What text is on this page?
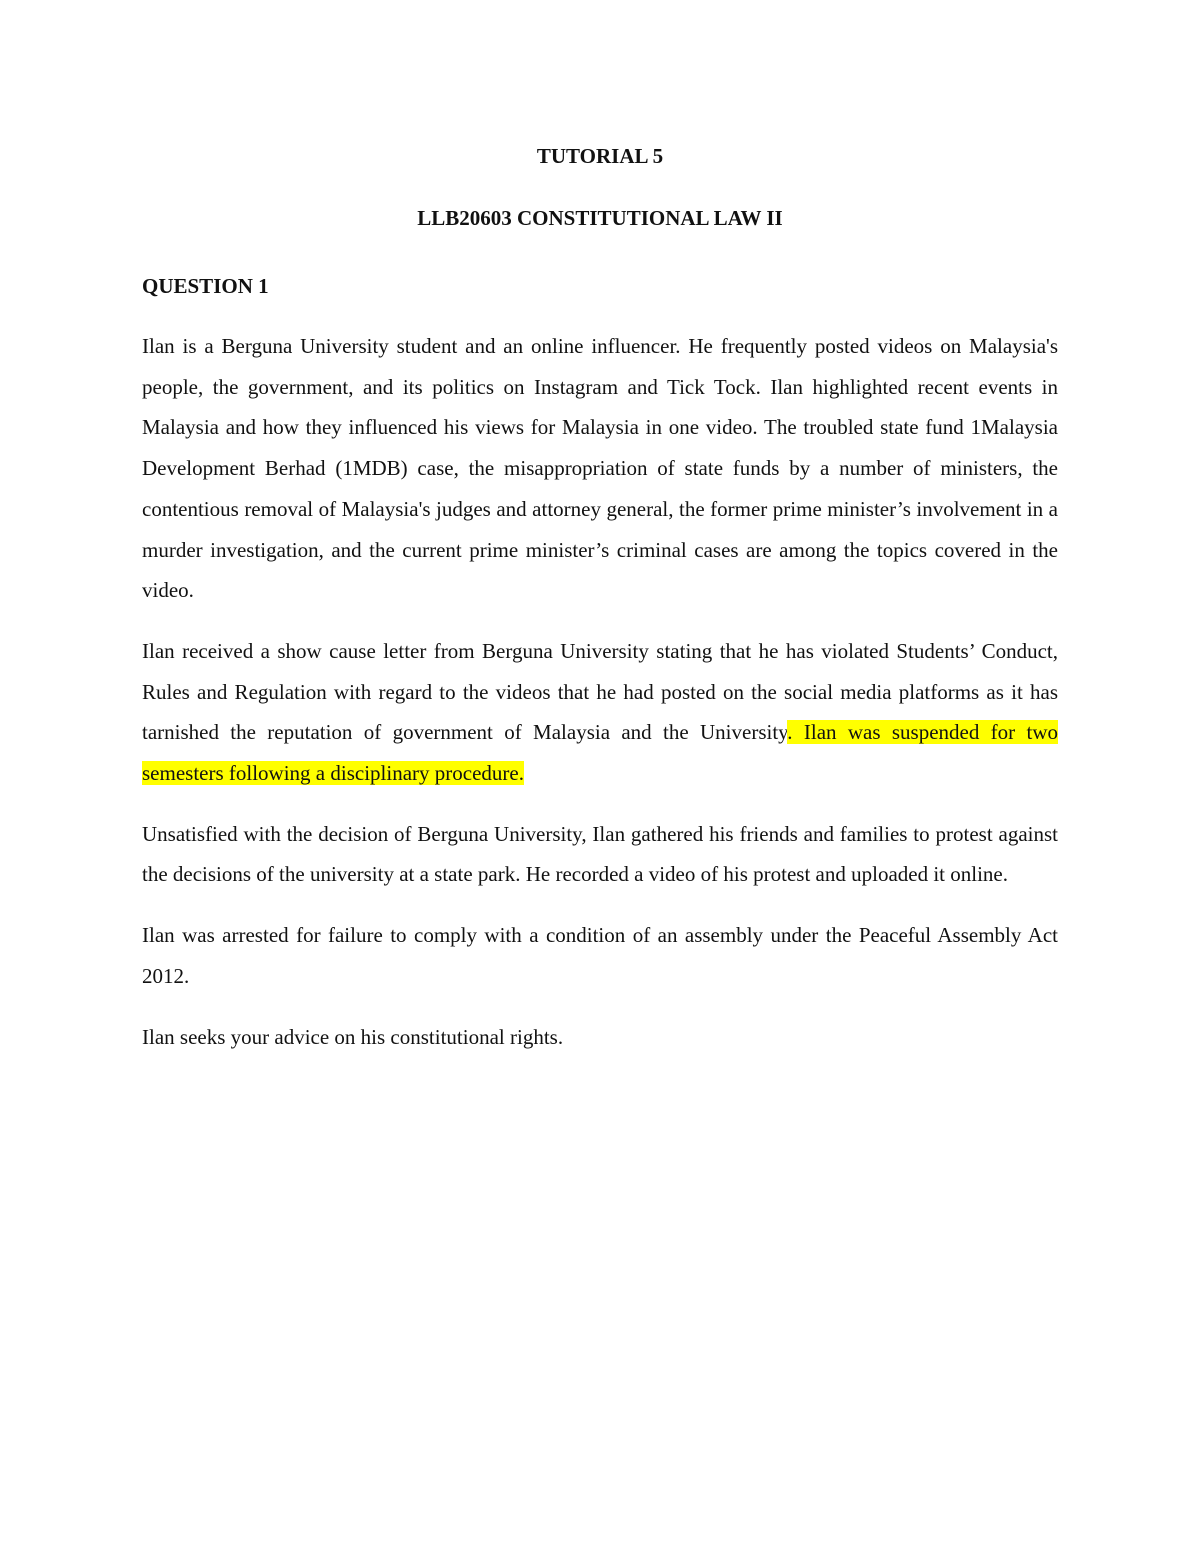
TUTORIAL 5

LLB20603 CONSTITUTIONAL LAW II

QUESTION 1

Ilan is a Berguna University student and an online influencer. He frequently posted videos on Malaysia's people, the government, and its politics on Instagram and Tick Tock. Ilan highlighted recent events in Malaysia and how they influenced his views for Malaysia in one video. The troubled state fund 1Malaysia Development Berhad (1MDB) case, the misappropriation of state funds by a number of ministers, the contentious removal of Malaysia's judges and attorney general, the former prime minister’s involvement in a murder investigation, and the current prime minister’s criminal cases are among the topics covered in the video.

Ilan received a show cause letter from Berguna University stating that he has violated Students’ Conduct, Rules and Regulation with regard to the videos that he had posted on the social media platforms as it has tarnished the reputation of government of Malaysia and the University. Ilan was suspended for two semesters following a disciplinary procedure.

Unsatisfied with the decision of Berguna University, Ilan gathered his friends and families to protest against the decisions of the university at a state park. He recorded a video of his protest and uploaded it online.

Ilan was arrested for failure to comply with a condition of an assembly under the Peaceful Assembly Act 2012.

Ilan seeks your advice on his constitutional rights.
